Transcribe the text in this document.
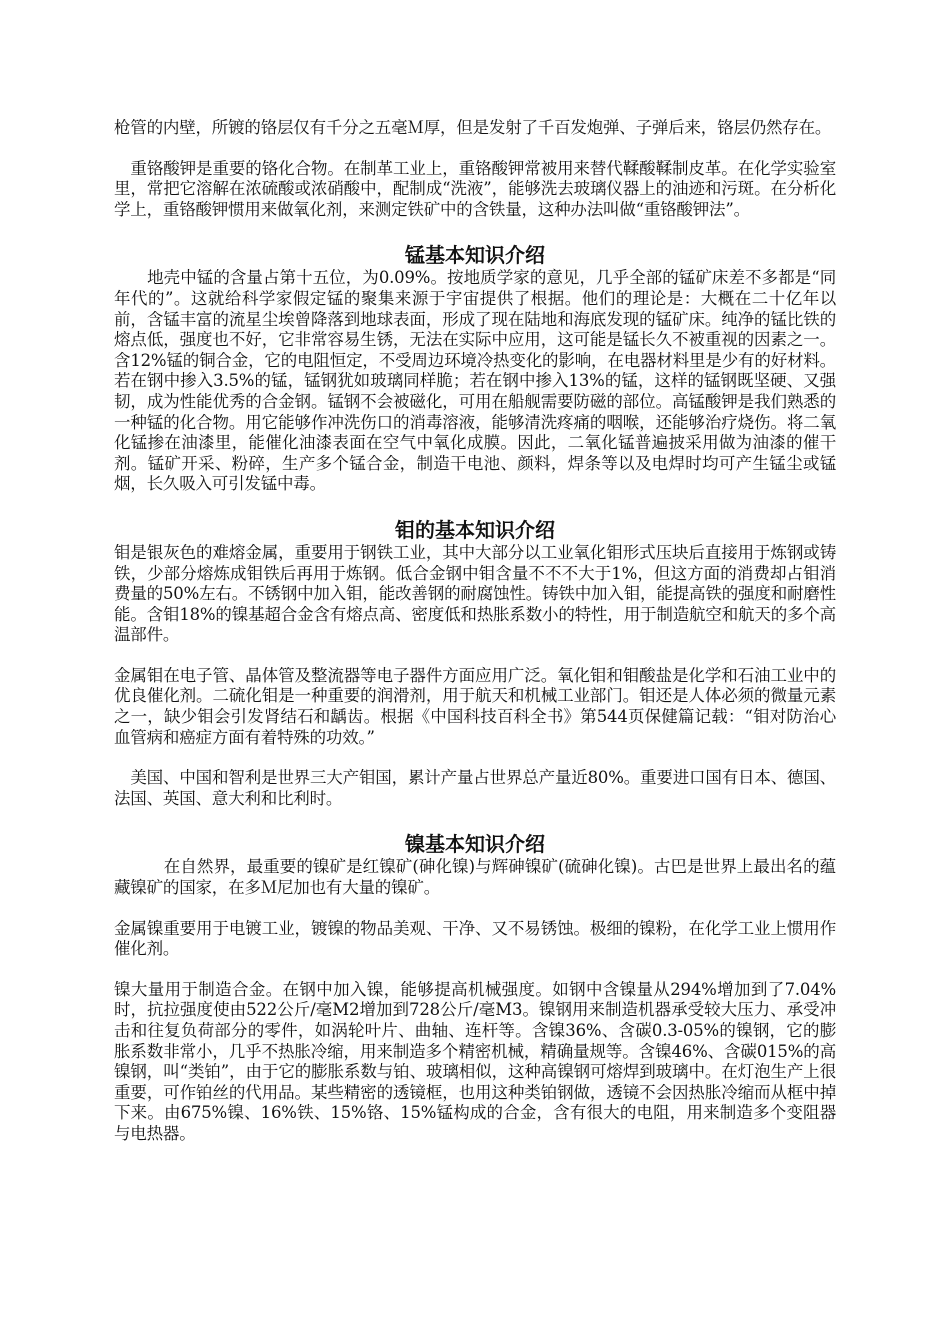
枪管的内壁，所镀的铬层仅有千分之五毫Ｍ厚，但是发射了千百发炮弹、子弹后来，铬层仍然存在。

　重铬酸钾是重要的铬化合物。在制革工业上，重铬酸钾常被用来替代鞣酸鞣制皮革。在化学实验室里，常把它溶解在浓硫酸或浓硝酸中，配制成“洗液”，能够洗去玻璃仪器上的油迹和污斑。在分析化学上，重铬酸钾惯用来做氧化剂，来测定铁矿中的含铁量，这种办法叫做“重铬酸钾法”。

锰基本知识介绍

　　地壳中锰的含量占第十五位，为0.09%。按地质学家的意见，几乎全部的锰矿床差不多都是“同年代的”。这就给科学家假定锰的聚集来源于宇宙提供了根据。他们的理论是：大概在二十亿年以前，含锰丰富的流星尘埃曾降落到地球表面，形成了现在陆地和海底发现的锰矿床。纯净的锰比铁的熔点低，强度也不好，它非常容易生锈，无法在实际中应用，这可能是锰长久不被重视的因素之一。含12%锰的铜合金，它的电阻恒定，不受周边环境冷热变化的影响，在电器材料里是少有的好材料。若在钢中掺入3.5%的锰，锰钢犹如玻璃同样脆；若在钢中掺入13%的锰，这样的锰钢既坚硬、又强韧，成为性能优秀的合金钢。锰钢不会被磁化，可用在船舰需要防磁的部位。高锰酸钾是我们熟悉的一种锰的化合物。用它能够作冲洗伤口的消毒溶液，能够清洗疼痛的咽喉，还能够治疗烧伤。将二氧化锰掺在油漆里，能催化油漆表面在空气中氧化成膜。因此，二氧化锰普遍披采用做为油漆的催干剂。锰矿开采、粉碎，生产多个锰合金，制造干电池、颜料，焊条等以及电焊时均可产生锰尘或锰烟，长久吸入可引发锰中毒。

钼的基本知识介绍

钼是银灰色的难熔金属，重要用于钢铁工业，其中大部分以工业氧化钼形式压块后直接用于炼钢或铸铁，少部分熔炼成钼铁后再用于炼钢。低合金钢中钼含量不不不大于1%，但这方面的消费却占钼消费量的50%左右。不锈钢中加入钼，能改善钢的耐腐蚀性。铸铁中加入钼，能提高铁的强度和耐磨性能。含钼18%的镍基超合金含有熔点高、密度低和热胀系数小的特性，用于制造航空和航天的多个高温部件。

金属钼在电子管、晶体管及整流器等电子器件方面应用广泛。氧化钼和钼酸盐是化学和石油工业中的优良催化剂。二硫化钼是一种重要的润滑剂，用于航天和机械工业部门。钼还是人体必须的微量元素之一，缺少钼会引发肾结石和龋齿。根据《中国科技百科全书》第544页保健篇记载：“钼对防治心血管病和癌症方面有着特殊的功效。”

　美国、中国和智利是世界三大产钼国，累计产量占世界总产量近80%。重要进口国有日本、德国、法国、英国、意大利和比利时。

镍基本知识介绍

　　　在自然界，最重要的镍矿是红镍矿(砷化镍)与辉砷镍矿(硫砷化镍)。古巴是世界上最出名的蕴藏镍矿的国家，在多Ｍ尼加也有大量的镍矿。

金属镍重要用于电镀工业，镀镍的物品美观、干净、又不易锈蚀。极细的镍粉，在化学工业上惯用作催化剂。

镍大量用于制造合金。在钢中加入镍，能够提高机械强度。如钢中含镍量从294%增加到了7.04%时，抗拉强度使由522公斤/毫M2增加到728公斤/毫M3。镍钢用来制造机器承受较大压力、承受冲击和往复负荷部分的零件，如涡轮叶片、曲轴、连杆等。含镍36%、含碳0.3-05%的镍钢，它的膨胀系数非常小，几乎不热胀冷缩，用来制造多个精密机械，精确量规等。含镍46%、含碳015%的高镍钢，叫“类铂”，由于它的膨胀系数与铂、玻璃相似，这种高镍钢可熔焊到玻璃中。在灯泡生产上很重要，可作铂丝的代用品。某些精密的透镜框，也用这种类铂钢做，透镜不会因热胀冷缩而从框中掉下来。由675%镍、16%铁、15%铬、15%锰构成的合金，含有很大的电阻，用来制造多个变阻器与电热器。
